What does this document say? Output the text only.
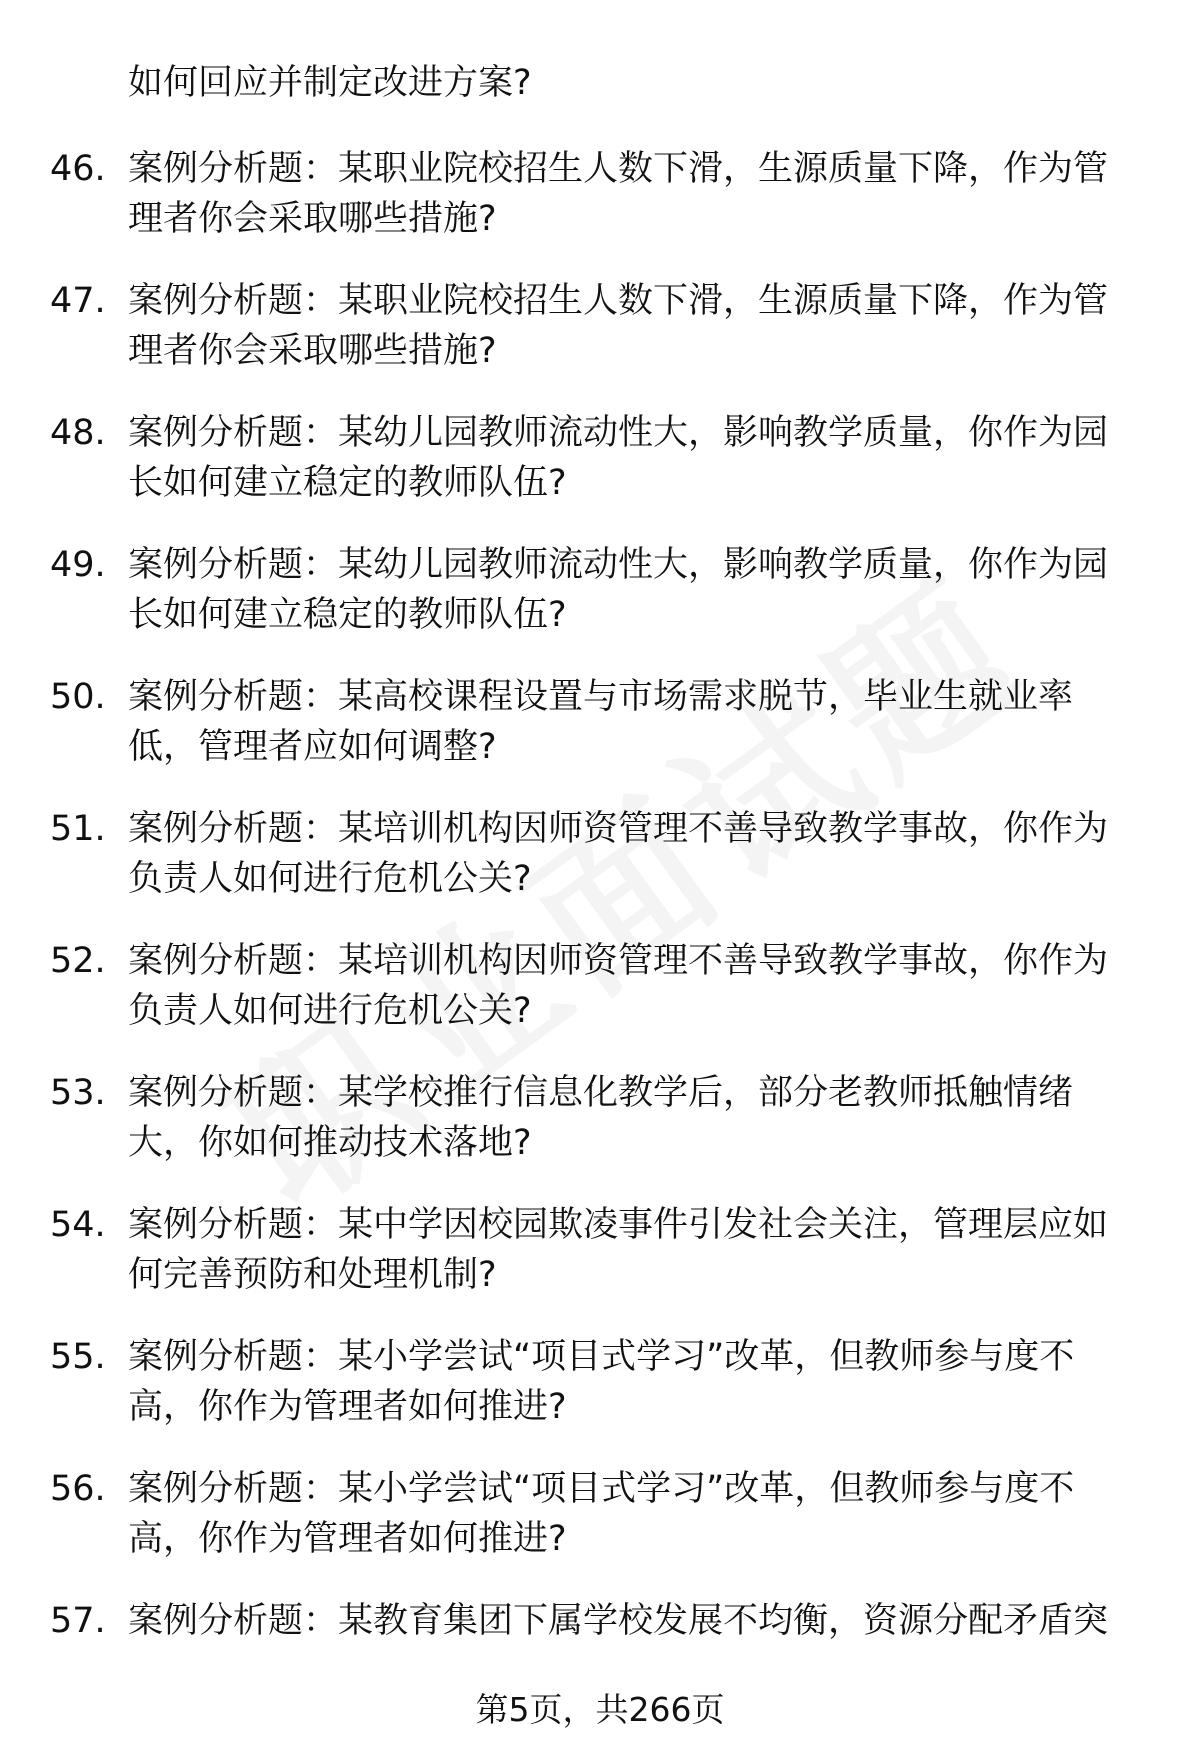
如何回应并制定改进方案?
46. 案例分析题：某职业院校招生人数下滑，生源质量下降，作为管理者你会采取哪些措施?
47. 案例分析题：某职业院校招生人数下滑，生源质量下降，作为管理者你会采取哪些措施?
48. 案例分析题：某幼儿园教师流动性大，影响教学质量，你作为园长如何建立稳定的教师队伍?
49. 案例分析题：某幼儿园教师流动性大，影响教学质量，你作为园长如何建立稳定的教师队伍?
50. 案例分析题：某高校课程设置与市场需求脱节，毕业生就业率低，管理者应如何调整?
51. 案例分析题：某培训机构因师资管理不善导致教学事故，你作为负责人如何进行危机公关?
52. 案例分析题：某培训机构因师资管理不善导致教学事故，你作为负责人如何进行危机公关?
53. 案例分析题：某学校推行信息化教学后，部分老教师抵触情绪大，你如何推动技术落地?
54. 案例分析题：某中学因校园欺凌事件引发社会关注，管理层应如何完善预防和处理机制?
55. 案例分析题：某小学尝试“项目式学习”改革，但教师参与度不高，你作为管理者如何推进?
56. 案例分析题：某小学尝试“项目式学习”改革，但教师参与度不高，你作为管理者如何推进?
57. 案例分析题：某教育集团下属学校发展不均衡，资源分配矛盾突
第5页，共266页
